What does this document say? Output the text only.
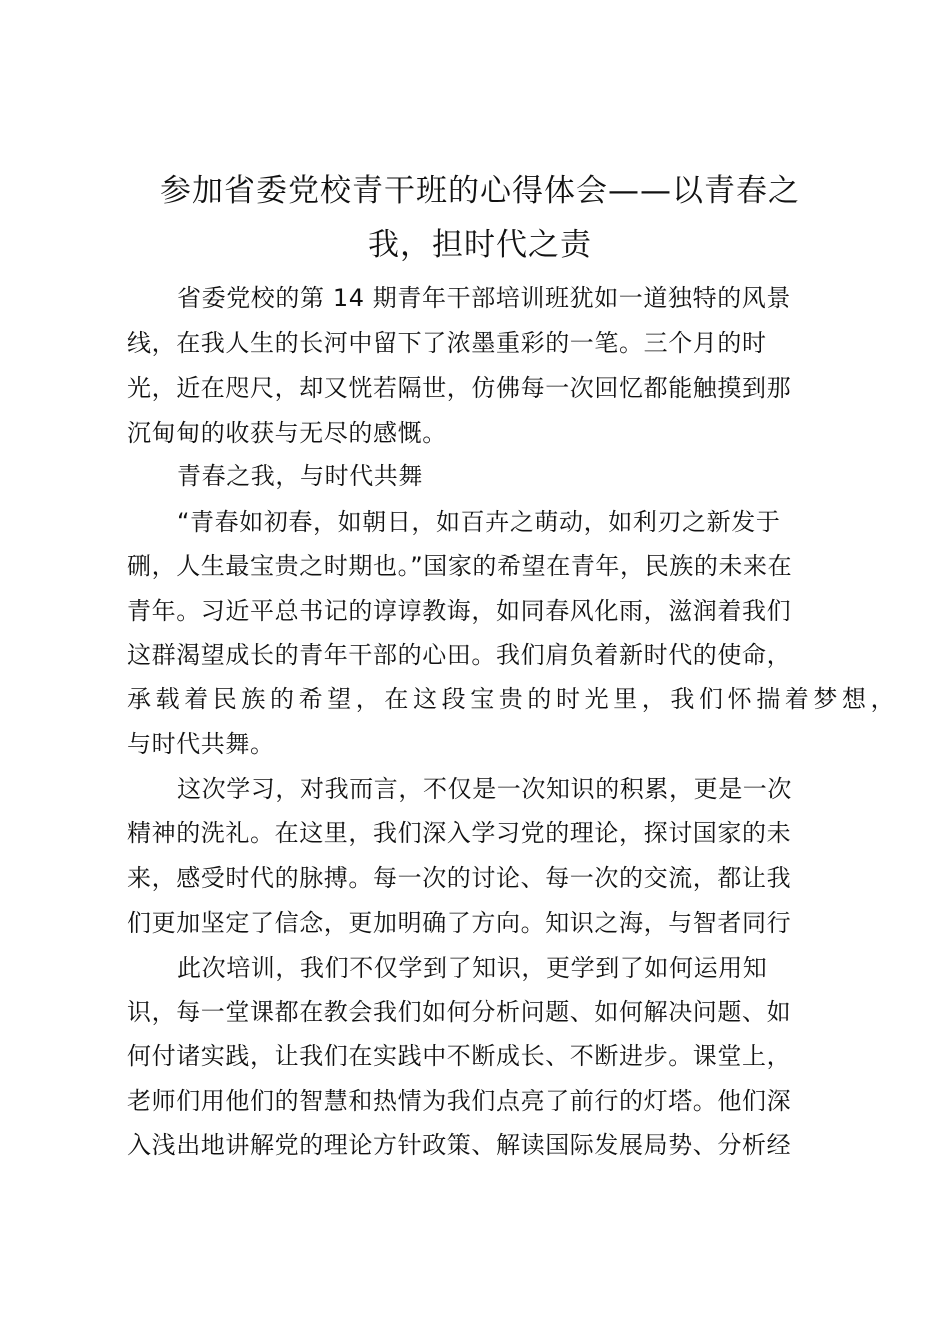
参加省委党校青干班的心得体会——以青春之
我，担时代之责
省委党校的第 14 期青年干部培训班犹如一道独特的风景
线，在我人生的长河中留下了浓墨重彩的一笔。三个月的时
光，近在咫尺，却又恍若隔世，仿佛每一次回忆都能触摸到那
沉甸甸的收获与无尽的感慨。
青春之我，与时代共舞
“青春如初春，如朝日，如百卉之萌动，如利刃之新发于
硎，人生最宝贵之时期也。”国家的希望在青年，民族的未来在
青年。习近平总书记的谆谆教诲，如同春风化雨，滋润着我们
这群渴望成长的青年干部的心田。我们肩负着新时代的使命，
承载着民族的希望，在这段宝贵的时光里，我们怀揣着梦想，
与时代共舞。
这次学习，对我而言，不仅是一次知识的积累，更是一次
精神的洗礼。在这里，我们深入学习党的理论，探讨国家的未
来，感受时代的脉搏。每一次的讨论、每一次的交流，都让我
们更加坚定了信念，更加明确了方向。知识之海，与智者同行
此次培训，我们不仅学到了知识，更学到了如何运用知
识，每一堂课都在教会我们如何分析问题、如何解决问题、如
何付诸实践，让我们在实践中不断成长、不断进步。课堂上，
老师们用他们的智慧和热情为我们点亮了前行的灯塔。他们深
入浅出地讲解党的理论方针政策、解读国际发展局势、分析经
